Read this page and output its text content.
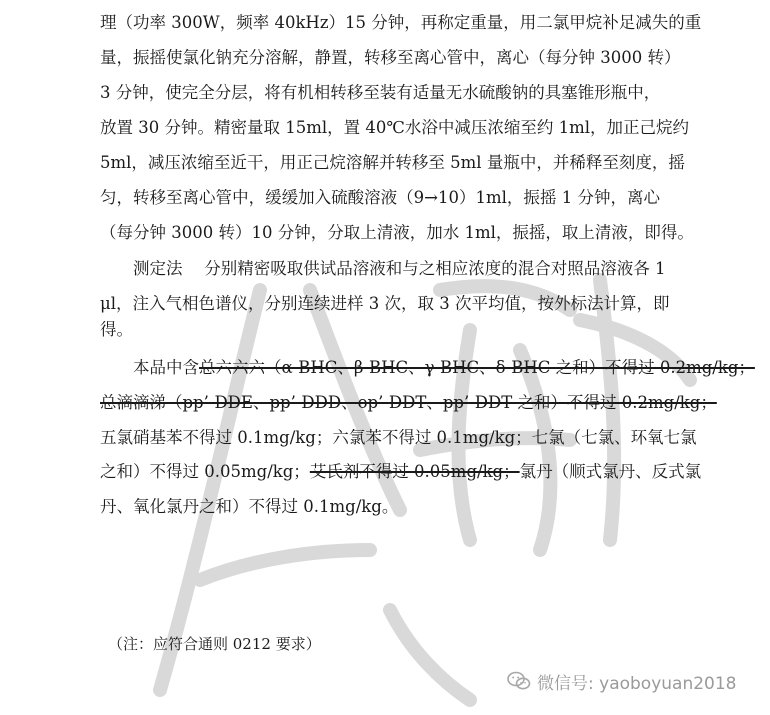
理（功率 300W，频率 40kHz）15 分钟，再称定重量，用二氯甲烷补足减失的重
量，振摇使氯化钠充分溶解，静置，转移至离心管中，离心（每分钟 3000 转）
3 分钟，使完全分层，将有机相转移至装有适量无水硫酸钠的具塞锥形瓶中，
放置 30 分钟。精密量取 15ml，置 40℃水浴中减压浓缩至约 1ml，加正己烷约
5ml，减压浓缩至近干，用正己烷溶解并转移至 5ml 量瓶中，并稀释至刻度，摇
匀，转移至离心管中，缓缓加入硫酸溶液（9→10）1ml，振摇 1 分钟，离心
（每分钟 3000 转）10 分钟，分取上清液，加水 1ml，振摇，取上清液，即得。
　　测定法　 分别精密吸取供试品溶液和与之相应浓度的混合对照品溶液各 1
μl，注入气相色谱仪，分别连续进样 3 次，取 3 次平均值，按外标法计算，即
得。
　　本品中含总六六六（α-BHC、β-BHC、γ-BHC、δ-BHC 之和）不得过 0.2mg/kg；
总滴滴涕（pp’-DDE、pp’-DDD、op’-DDT、pp’-DDT 之和）不得过 0.2mg/kg；
五氯硝基苯不得过 0.1mg/kg；六氯苯不得过 0.1mg/kg；七氯（七氯、环氧七氯
之和）不得过 0.05mg/kg；艾氏剂不得过 0.05mg/kg；氯丹（顺式氯丹、反式氯
丹、氧化氯丹之和）不得过 0.1mg/kg。
（注：应符合通则 0212 要求）
微信号: yaoboyuan2018
